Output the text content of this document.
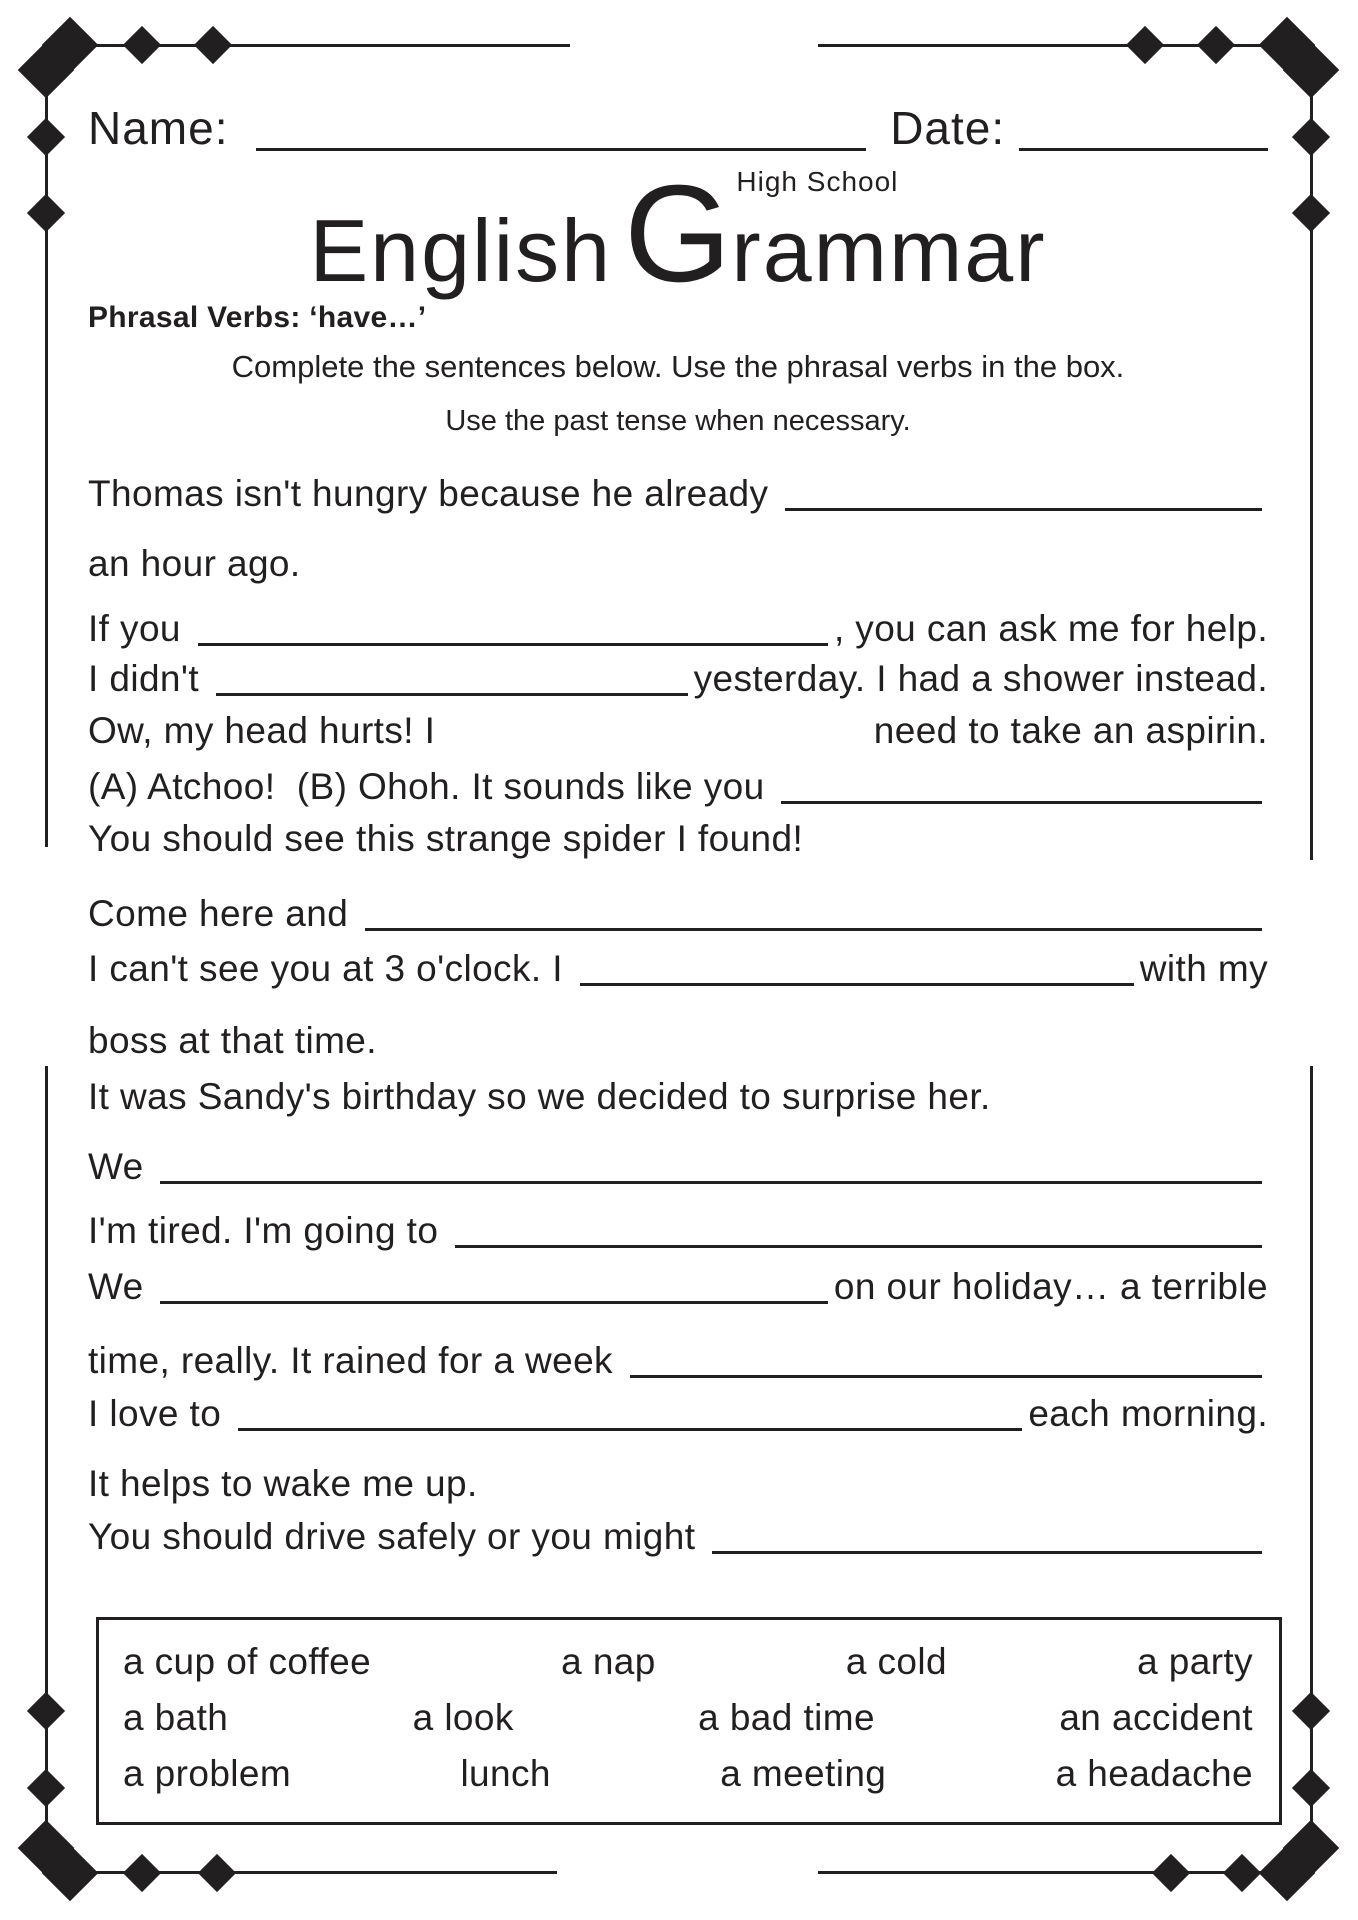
Name:	Date:
English G High School
rammar
Phrasal Verbs: ‘have…’
Complete the sentences below. Use the phrasal verbs in the box.
Use the past tense when necessary.
Thomas isn't hungry because he already
an hour ago.
If you	, you can ask me for help.
I didn't	yesterday. I had a shower instead.
Ow, my head hurts! I	need to take an aspirin.
(A) Atchoo!  (B) Ohoh. It sounds like you
You should see this strange spider I found!
Come here and
I can't see you at 3 o'clock. I	with my
boss at that time.
It was Sandy's birthday so we decided to surprise her.
We
I'm tired. I'm going to
We	on our holiday… a terrible
time, really. It rained for a week
I love to	each morning.
It helps to wake me up.
You should drive safely or you might
a cup of coffee	a nap	a cold	a party
a bath	a look	a bad time	an accident
a problem	lunch	a meeting	a headache
